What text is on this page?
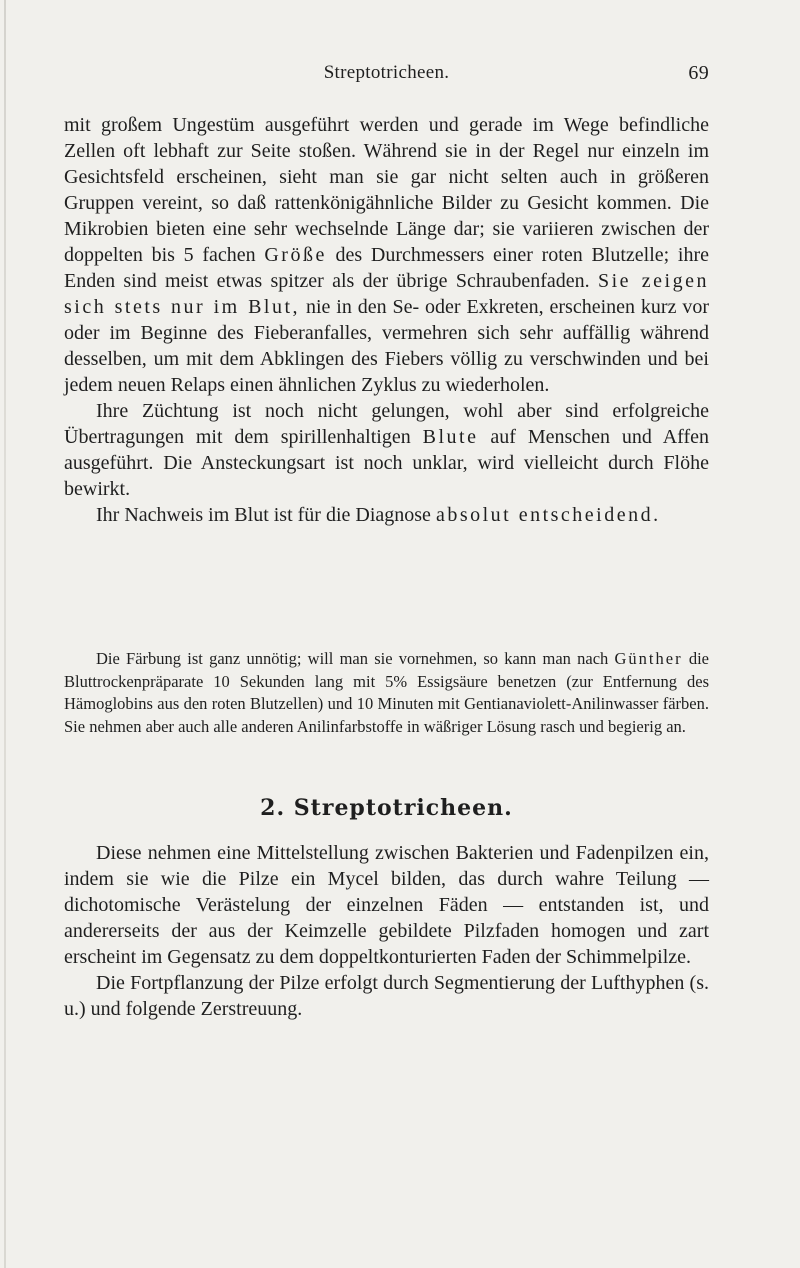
Streptotricheen.	69

mit großem Ungestüm ausgeführt werden und gerade im Wege befindliche Zellen oft lebhaft zur Seite stoßen. Während sie in der Regel nur einzeln im Gesichtsfeld erscheinen, sieht man sie gar nicht selten auch in größeren Gruppen vereint, so daß rattenkönigähnliche Bilder zu Gesicht kommen. Die Mikrobien bieten eine sehr wechselnde Länge dar; sie variieren zwischen der doppelten bis 5 fachen Größe des Durchmessers einer roten Blutzelle; ihre Enden sind meist etwas spitzer als der übrige Schraubenfaden. Sie zeigen sich stets nur im Blut, nie in den Se- oder Exkreten, erscheinen kurz vor oder im Beginne des Fieberanfalles, vermehren sich sehr auffällig während desselben, um mit dem Abklingen des Fiebers völlig zu verschwinden und bei jedem neuen Relaps einen ähnlichen Zyklus zu wiederholen.

Ihre Züchtung ist noch nicht gelungen, wohl aber sind erfolgreiche Übertragungen mit dem spirillenhaltigen Blute auf Menschen und Affen ausgeführt. Die Ansteckungsart ist noch unklar, wird vielleicht durch Flöhe bewirkt.

Ihr Nachweis im Blut ist für die Diagnose absolut entscheidend.

Die Färbung ist ganz unnötig; will man sie vornehmen, so kann man nach Günther die Bluttrockenpräparate 10 Sekunden lang mit 5% Essigsäure benetzen (zur Entfernung des Hämoglobins aus den roten Blutzellen) und 10 Minuten mit Gentianaviolett-Anilinwasser färben. Sie nehmen aber auch alle anderen Anilinfarbstoffe in wäßriger Lösung rasch und begierig an.

2. Streptotricheen.

Diese nehmen eine Mittelstellung zwischen Bakterien und Fadenpilzen ein, indem sie wie die Pilze ein Mycel bilden, das durch wahre Teilung — dichotomische Verästelung der einzelnen Fäden — entstanden ist, und andererseits der aus der Keimzelle gebildete Pilzfaden homogen und zart erscheint im Gegensatz zu dem doppeltkonturierten Faden der Schimmelpilze.

Die Fortpflanzung der Pilze erfolgt durch Segmentierung der Lufthyphen (s. u.) und folgende Zerstreuung.
